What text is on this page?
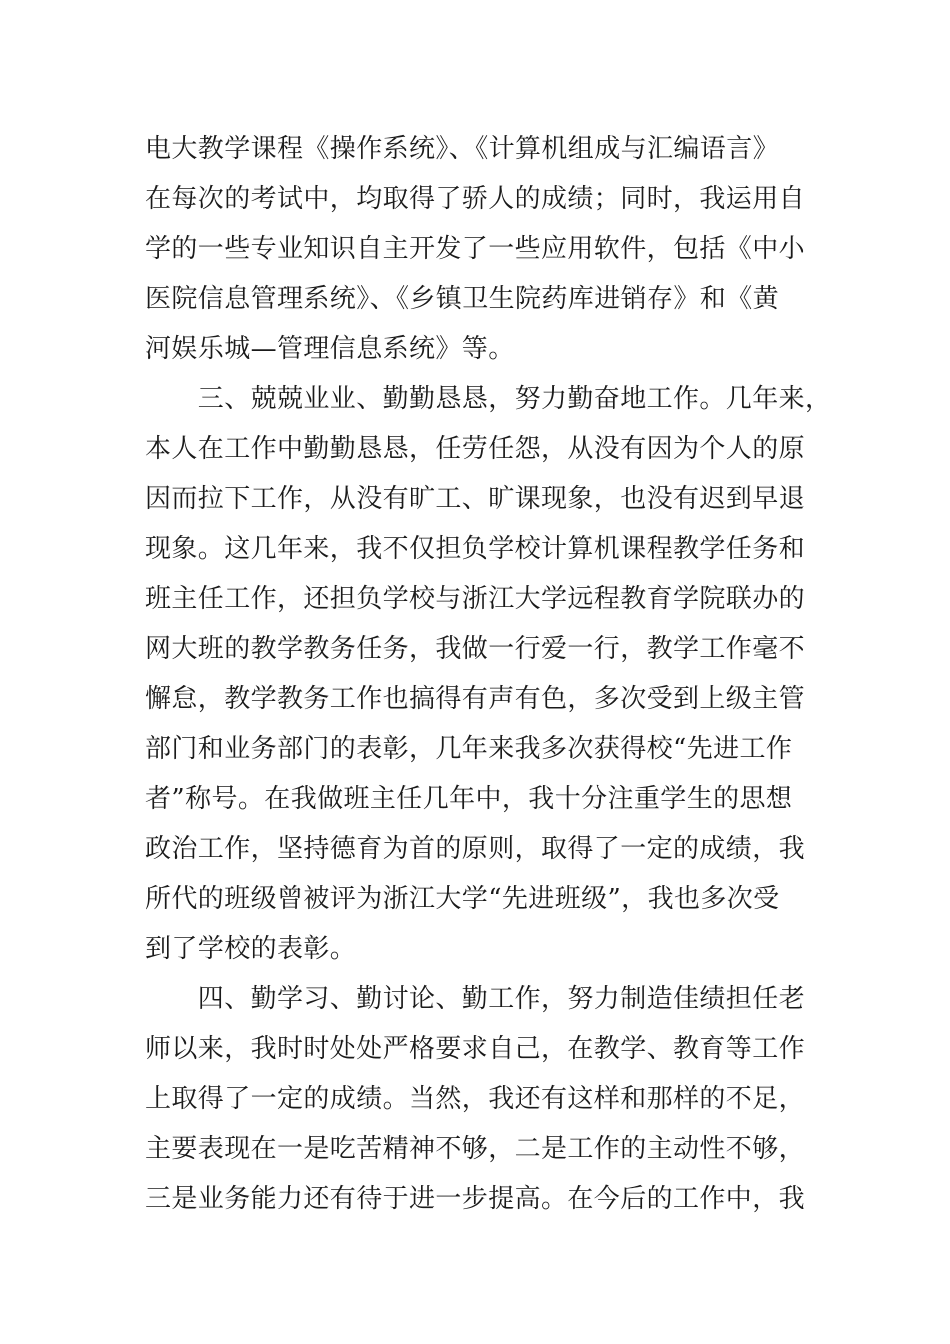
电大教学课程《操作系统》、《计算机组成与汇编语言》
在每次的考试中，均取得了骄人的成绩；同时，我运用自
学的一些专业知识自主开发了一些应用软件，包括《中小
医院信息管理系统》、《乡镇卫生院药库进销存》和《黄
河娱乐城—管理信息系统》等。
　　三、兢兢业业、勤勤恳恳，努力勤奋地工作。几年来，
本人在工作中勤勤恳恳，任劳任怨，从没有因为个人的原
因而拉下工作，从没有旷工、旷课现象，也没有迟到早退
现象。这几年来，我不仅担负学校计算机课程教学任务和
班主任工作，还担负学校与浙江大学远程教育学院联办的
网大班的教学教务任务，我做一行爱一行，教学工作毫不
懈怠，教学教务工作也搞得有声有色，多次受到上级主管
部门和业务部门的表彰，几年来我多次获得校“先进工作
者”称号。在我做班主任几年中，我十分注重学生的思想
政治工作，坚持德育为首的原则，取得了一定的成绩，我
所代的班级曾被评为浙江大学“先进班级”，我也多次受
到了学校的表彰。
　　四、勤学习、勤讨论、勤工作，努力制造佳绩担任老
师以来，我时时处处严格要求自己，在教学、教育等工作
上取得了一定的成绩。当然，我还有这样和那样的不足，
主要表现在一是吃苦精神不够，二是工作的主动性不够，
三是业务能力还有待于进一步提高。在今后的工作中，我
